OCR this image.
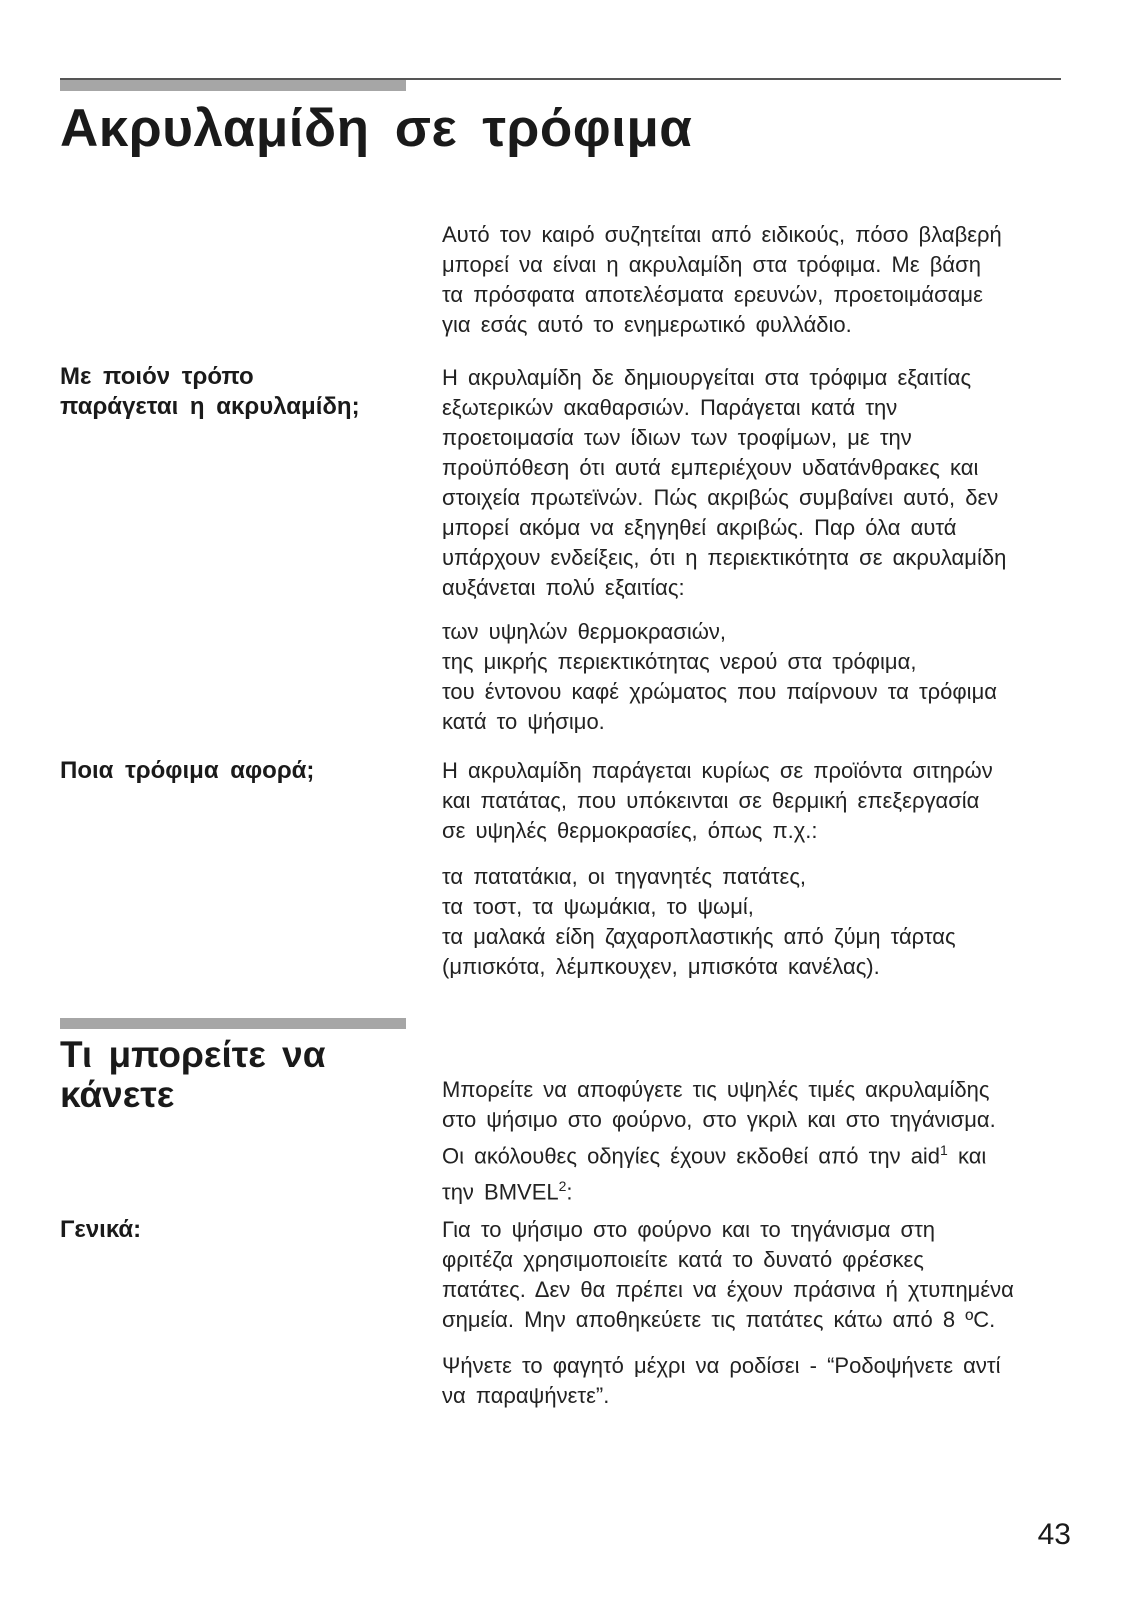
Ακρυλαμίδη σε τρόφιμα

Αυτό τον καιρό συζητείται από ειδικούς, πόσο βλαβερή
μπορεί να είναι η ακρυλαμίδη στα τρόφιμα. Με βάση
τα πρόσφατα αποτελέσματα ερευνών, προετοιμάσαμε
για εσάς αυτό το ενημερωτικό φυλλάδιο.

Με ποιόν τρόπο
παράγεται η ακρυλαμίδη;

Η ακρυλαμίδη δε δημιουργείται στα τρόφιμα εξαιτίας
εξωτερικών ακαθαρσιών. Παράγεται κατά την
προετοιμασία των ίδιων των τροφίμων, με την
προϋπόθεση ότι αυτά εμπεριέχουν υδατάνθρακες και
στοιχεία πρωτεϊνών. Πώς ακριβώς συμβαίνει αυτό, δεν
μπορεί ακόμα να εξηγηθεί ακριβώς. Παρ όλα αυτά
υπάρχουν ενδείξεις, ότι η περιεκτικότητα σε ακρυλαμίδη
αυξάνεται πολύ εξαιτίας:

των υψηλών θερμοκρασιών,
της μικρής περιεκτικότητας νερού στα τρόφιμα,
του έντονου καφέ χρώματος που παίρνουν τα τρόφιμα
κατά το ψήσιμο.

Ποια τρόφιμα αφορά;	Η ακρυλαμίδη παράγεται κυρίως σε προϊόντα σιτηρών
και πατάτας, που υπόκεινται σε θερμική επεξεργασία
σε υψηλές θερμοκρασίες, όπως π.χ.:

τα πατατάκια, οι τηγανητές πατάτες,
τα τοστ, τα ψωμάκια, το ψωμί,
τα μαλακά είδη ζαχαροπλαστικής από ζύμη τάρτας
(μπισκότα, λέμπκουχεν, μπισκότα κανέλας).

Τι μπορείτε να
κάνετε	Μπορείτε να αποφύγετε τις υψηλές τιμές ακρυλαμίδης
στο ψήσιμο στο φούρνο, στο γκριλ και στο τηγάνισμα.
Οι ακόλουθες οδηγίες έχουν εκδοθεί από την aid$^1$ και
την BMVEL$^2$:

Γενικά:	Για το ψήσιμο στο φούρνο και το τηγάνισμα στη
φριτέζα χρησιμοποιείτε κατά το δυνατό φρέσκες
πατάτες. Δεν θα πρέπει να έχουν πράσινα ή χτυπημένα
σημεία. Μην αποθηκεύετε τις πατάτες κάτω από 8 ºC.

Ψήνετε το φαγητό μέχρι να ροδίσει - “Ροδοψήνετε αντί
να παραψήνετε”.

43
